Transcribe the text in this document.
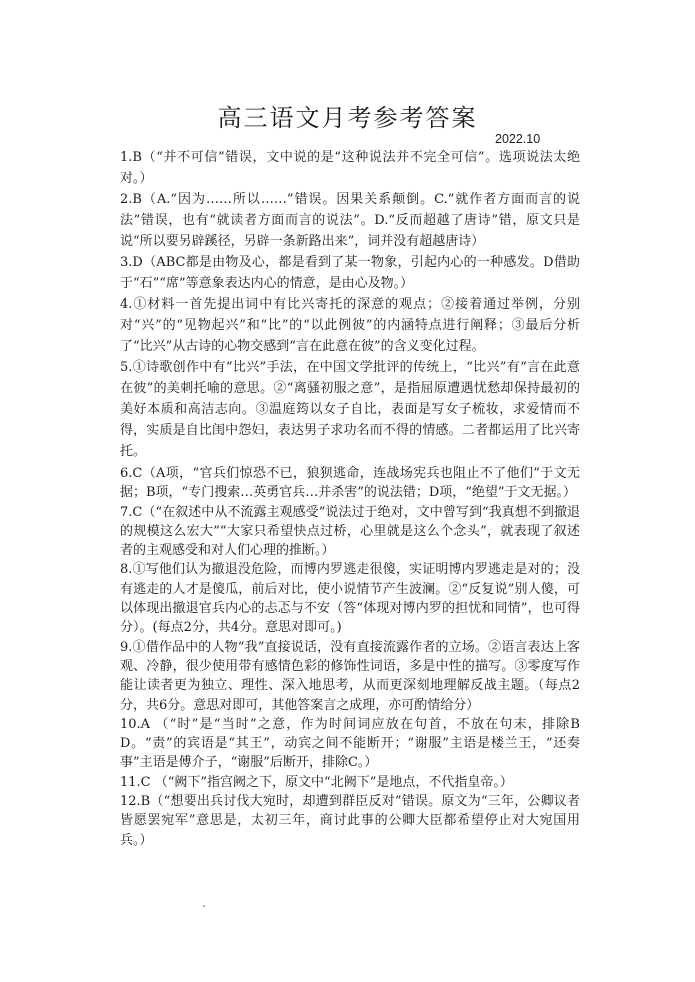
高三语文月考参考答案
2022.10

1.B（“并不可信”错误，文中说的是“这种说法并不完全可信”。选项说法太绝对。）

2.B（A.“因为……所以……”错误。因果关系颠倒。C.“就作者方面而言的说法”错误，也有“就读者方面而言的说法”。D.“反而超越了唐诗”错，原文只是说“所以要另辟蹊径，另辟一条新路出来”，词并没有超越唐诗）

3.D（ABC都是由物及心，都是看到了某一物象，引起内心的一种感发。D借助于“石”“席”等意象表达内心的情意，是由心及物。）

4.①材料一首先提出词中有比兴寄托的深意的观点；②接着通过举例，分别对“兴”的“见物起兴”和“比”的“以此例彼”的内涵特点进行阐释；③最后分析了“比兴”从古诗的心物交感到“言在此意在彼”的含义变化过程。

5.①诗歌创作中有“比兴”手法，在中国文学批评的传统上，“比兴”有“言在此意在彼”的美刺托喻的意思。②“离骚初服之意”，是指屈原遭遇忧愁却保持最初的美好本质和高洁志向。③温庭筠以女子自比，表面是写女子梳妆，求爱情而不得，实质是自比闺中怨妇，表达男子求功名而不得的情感。二者都运用了比兴寄托。

6.C（A项，“官兵们惊恐不已，狼狈逃命，连战场宪兵也阻止不了他们”于文无据；B项，“专门搜索…英勇官兵…并杀害”的说法错；D项，“绝望”于文无据。）

7.C（“在叙述中从不流露主观感受”说法过于绝对，文中曾写到“我真想不到撤退的规模这么宏大”“大家只希望快点过桥，心里就是这么个念头”，就表现了叙述者的主观感受和对人们心理的推断。）

8.①写他们认为撤退没危险，而博内罗逃走很傻，实证明博内罗逃走是对的；没有逃走的人才是傻瓜，前后对比，使小说情节产生波澜。②“反复说”别人傻，可以体现出撤退官兵内心的忐忑与不安（答“体现对博内罗的担忧和同情”，也可得分）。(每点2分，共4分。意思对即可。)

9.①借作品中的人物“我”直接说话，没有直接流露作者的立场。②语言表达上客观、冷静，很少使用带有感情色彩的修饰性词语，多是中性的描写。③零度写作能让读者更为独立、理性、深入地思考，从而更深刻地理解反战主题。（每点2分，共6分。意思对即可，其他答案言之成理，亦可酌情给分）

10.A （“时”是“当时”之意，作为时间词应放在句首，不放在句末，排除BD。“责”的宾语是“其王”，动宾之间不能断开；“谢服”主语是楼兰王，“还奏事”主语是傅介子，“谢服”后断开，排除C。）

11.C （“阙下”指宫阙之下，原文中“北阙下”是地点，不代指皇帝。）

12.B（“想要出兵讨伐大宛时，却遭到群臣反对”错误。原文为“三年，公卿议者皆愿罢宛军”意思是，太初三年，商讨此事的公卿大臣都希望停止对大宛国用兵。）
